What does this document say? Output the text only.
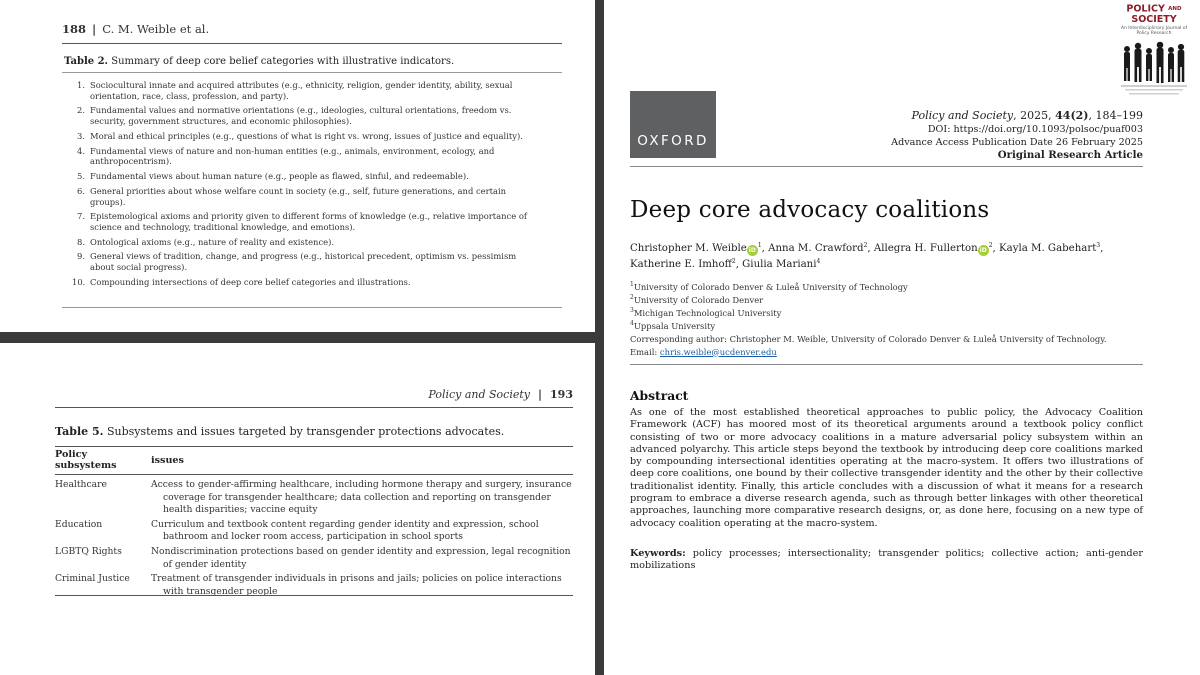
188 | C. M. Weible et al.
Table 2. Summary of deep core belief categories with illustrative indicators.
1. Sociocultural innate and acquired attributes (e.g., ethnicity, religion, gender identity, ability, sexual orientation, race, class, profession, and party).
2. Fundamental values and normative orientations (e.g., ideologies, cultural orientations, freedom vs. security, government structures, and economic philosophies).
3. Moral and ethical principles (e.g., questions of what is right vs. wrong, issues of justice and equality).
4. Fundamental views of nature and non-human entities (e.g., animals, environment, ecology, and anthropocentrism).
5. Fundamental views about human nature (e.g., people as flawed, sinful, and redeemable).
6. General priorities about whose welfare count in society (e.g., self, future generations, and certain groups).
7. Epistemological axioms and priority given to different forms of knowledge (e.g., relative importance of science and technology, traditional knowledge, and emotions).
8. Ontological axioms (e.g., nature of reality and existence).
9. General views of tradition, change, and progress (e.g., historical precedent, optimism vs. pessimism about social progress).
10. Compounding intersections of deep core belief categories and illustrations.
Policy and Society | 193
Table 5. Subsystems and issues targeted by transgender protections advocates.
Policy subsystems	issues
Healthcare	Access to gender-affirming healthcare, including hormone therapy and surgery, insurance coverage for transgender healthcare; data collection and reporting on transgender health disparities; vaccine equity
Education	Curriculum and textbook content regarding gender identity and expression, school bathroom and locker room access, participation in school sports
LGBTQ Rights	Nondiscrimination protections based on gender identity and expression, legal recognition of gender identity
Criminal Justice	Treatment of transgender individuals in prisons and jails; policies on police interactions with transgender people
POLICY AND
SOCIETY
An Interdisciplinary Journal of Policy Research
OXFORD
Policy and Society, 2025, 44(2), 184–199
DOI: https://doi.org/10.1093/polsoc/puaf003
Advance Access Publication Date 26 February 2025
Original Research Article
Deep core advocacy coalitions
Christopher M. Weible $iD^1$, Anna M. Crawford$^2$, Allegra H. Fullerton $iD^2$, Kayla M. Gabehart$^3$, Katherine E. Imhoff$^2$, Giulia Mariani$^4$
$^1$University of Colorado Denver & Luleå University of Technology
$^2$University of Colorado Denver
$^3$Michigan Technological University
$^4$Uppsala University
Corresponding author: Christopher M. Weible, University of Colorado Denver & Luleå University of Technology.
Email: chris.weible@ucdenver.edu
Abstract

As one of the most established theoretical approaches to public policy, the Advocacy Coalition Framework (ACF) has moored most of its theoretical arguments around a textbook policy conflict consisting of two or more advocacy coalitions in a mature adversarial policy subsystem within an advanced polyarchy. This article steps beyond the textbook by introducing deep core coalitions marked by compounding intersectional identities operating at the macro-system. It offers two illustrations of deep core coalitions, one bound by their collective transgender identity and the other by their collective traditionalist identity. Finally, this article concludes with a discussion of what it means for a research program to embrace a diverse research agenda, such as through better linkages with other theoretical approaches, launching more comparative research designs, or, as done here, focusing on a new type of advocacy coalition operating at the macro-system.

Keywords: policy processes; intersectionality; transgender politics; collective action; anti-gender mobilizations
